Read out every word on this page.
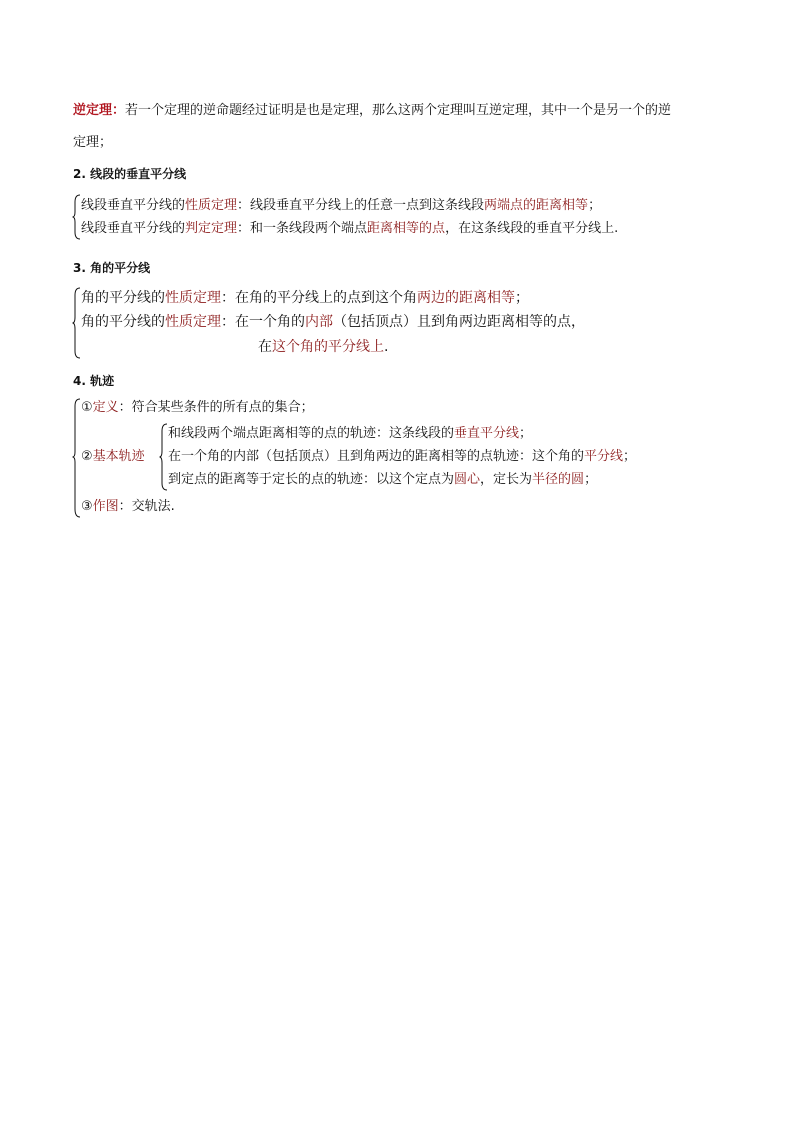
逆定理：若一个定理的逆命题经过证明是也是定理，那么这两个定理叫互逆定理，其中一个是另一个的逆
定理；
2. 线段的垂直平分线
线段垂直平分线的性质定理：线段垂直平分线上的任意一点到这条线段两端点的距离相等；
线段垂直平分线的判定定理：和一条线段两个端点距离相等的点，在这条线段的垂直平分线上.
3. 角的平分线
角的平分线的性质定理：在角的平分线上的点到这个角两边的距离相等；
角的平分线的性质定理：在一个角的内部（包括顶点）且到角两边距离相等的点，
在这个角的平分线上.
4. 轨迹
①定义：符合某些条件的所有点的集合；
②基本轨迹
和线段两个端点距离相等的点的轨迹：这条线段的垂直平分线；
在一个角的内部（包括顶点）且到角两边的距离相等的点轨迹：这个角的平分线；
到定点的距离等于定长的点的轨迹：以这个定点为圆心，定长为半径的圆；
③作图：交轨法.
